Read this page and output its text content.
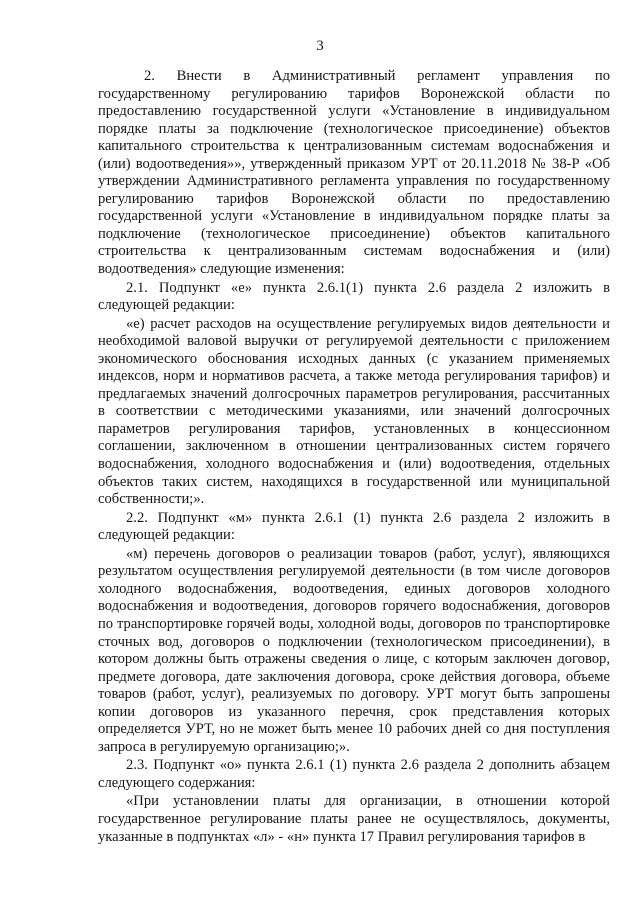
3

2. Внести в Административный регламент управления по государственному регулированию тарифов Воронежской области по предоставлению государственной услуги «Установление в индивидуальном порядке платы за подключение (технологическое присоединение) объектов капитального строительства к централизованным системам водоснабжения и (или) водоотведения»», утвержденный приказом УРТ от 20.11.2018 № 38-Р «Об утверждении Административного регламента управления по государственному регулированию тарифов Воронежской области по предоставлению государственной услуги «Установление в индивидуальном порядке платы за подключение (технологическое присоединение) объектов капитального строительства к централизованным системам водоснабжения и (или) водоотведения» следующие изменения:

2.1. Подпункт «е» пункта 2.6.1(1) пункта 2.6 раздела 2 изложить в следующей редакции:

«е) расчет расходов на осуществление регулируемых видов деятельности и необходимой валовой выручки от регулируемой деятельности с приложением экономического обоснования исходных данных (с указанием применяемых индексов, норм и нормативов расчета, а также метода регулирования тарифов) и предлагаемых значений долгосрочных параметров регулирования, рассчитанных в соответствии с методическими указаниями, или значений долгосрочных параметров регулирования тарифов, установленных в концессионном соглашении, заключенном в отношении централизованных систем горячего водоснабжения, холодного водоснабжения и (или) водоотведения, отдельных объектов таких систем, находящихся в государственной или муниципальной собственности;».

2.2. Подпункт «м» пункта 2.6.1 (1) пункта 2.6 раздела 2 изложить в следующей редакции:

«м) перечень договоров о реализации товаров (работ, услуг), являющихся результатом осуществления регулируемой деятельности (в том числе договоров холодного водоснабжения, водоотведения, единых договоров холодного водоснабжения и водоотведения, договоров горячего водоснабжения, договоров по транспортировке горячей воды, холодной воды, договоров по транспортировке сточных вод, договоров о подключении (технологическом присоединении), в котором должны быть отражены сведения о лице, с которым заключен договор, предмете договора, дате заключения договора, сроке действия договора, объеме товаров (работ, услуг), реализуемых по договору. УРТ могут быть запрошены копии договоров из указанного перечня, срок представления которых определяется УРТ, но не может быть менее 10 рабочих дней со дня поступления запроса в регулируемую организацию;».

2.3. Подпункт «о» пункта 2.6.1 (1) пункта 2.6 раздела 2 дополнить абзацем следующего содержания:

«При установлении платы для организации, в отношении которой государственное регулирование платы ранее не осуществлялось, документы, указанные в подпунктах «л» - «н» пункта 17 Правил регулирования тарифов в
